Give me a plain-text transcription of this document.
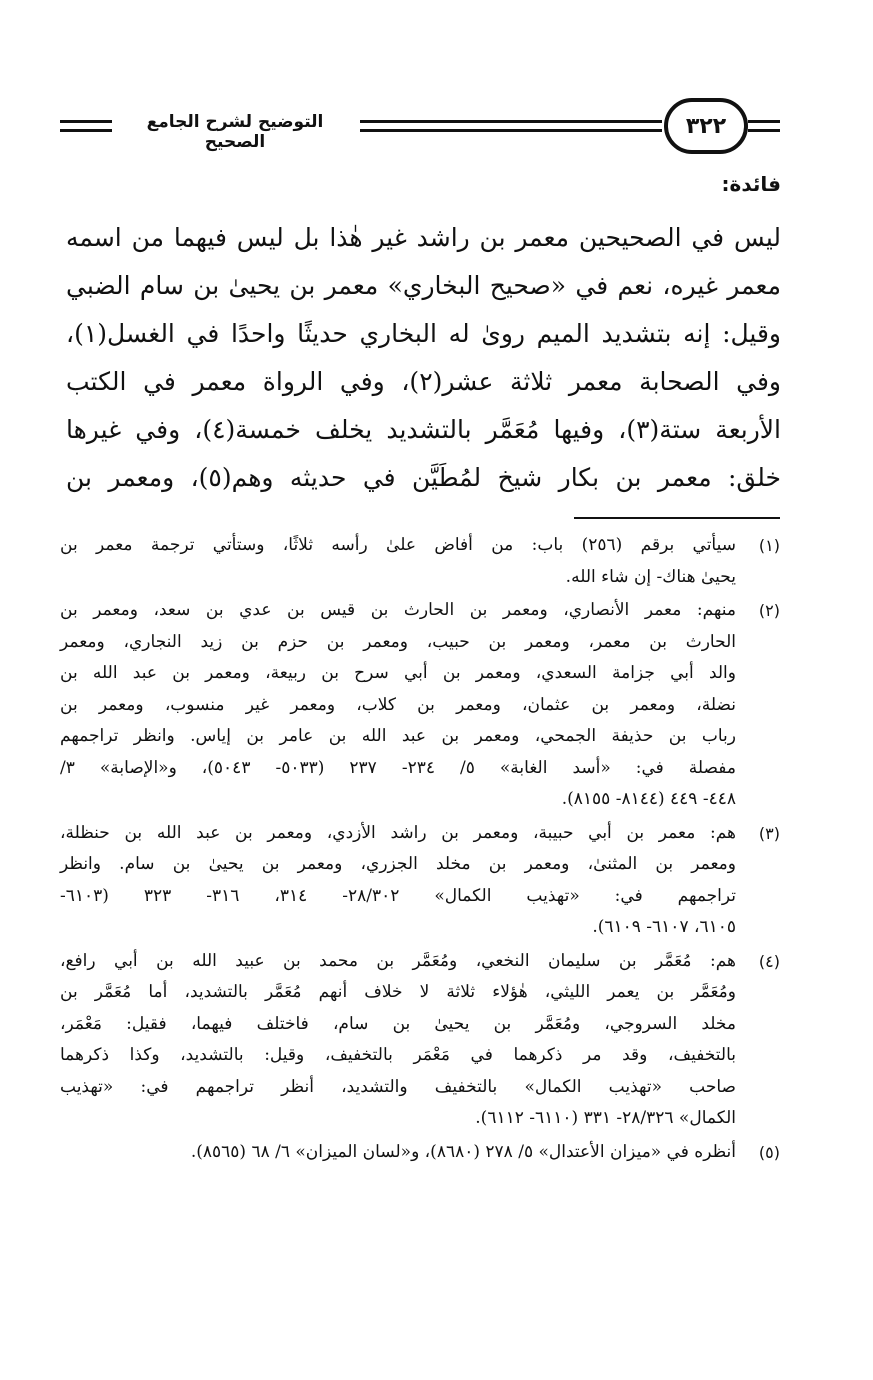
التوضيح لشرح الجامع الصحيح
٣٢٢
فائدة:
ليس في الصحيحين معمر بن راشد غير هٰذا بل ليس فيهما من اسمه
معمر غيره، نعم في «صحيح البخاري» معمر بن يحيىٰ بن سام الضبي
وقيل: إنه بتشديد الميم روىٰ له البخاري حديثًا واحدًا في الغسل(١)،
وفي الصحابة معمر ثلاثة عشر(٢)، وفي الرواة معمر في الكتب
الأربعة ستة(٣)، وفيها مُعَمَّر بالتشديد يخلف خمسة(٤)، وفي غيرها
خلق: معمر بن بكار شيخ لمُطَيَّن في حديثه وهم(٥)، ومعمر بن
(١)
سيأتي برقم (٢٥٦) باب: من أفاض علىٰ رأسه ثلاثًا، وستأتي ترجمة معمر بن
يحيىٰ هناك- إن شاء الله.
(٢)
منهم: معمر الأنصاري، ومعمر بن الحارث بن قيس بن عدي بن سعد، ومعمر بن
الحارث بن معمر، ومعمر بن حبيب، ومعمر بن حزم بن زيد النجاري، ومعمر
والد أبي جزامة السعدي، ومعمر بن أبي سرح بن ربيعة، ومعمر بن عبد الله بن
نضلة، ومعمر بن عثمان، ومعمر بن كلاب، ومعمر غير منسوب، ومعمر بن
رباب بن حذيفة الجمحي، ومعمر بن عبد الله بن عامر بن إياس. وانظر تراجمهم
مفصلة في: «أسد الغابة» ٥/ ٢٣٤- ٢٣٧ (٥٠٣٣- ٥٠٤٣)، و«الإصابة» ٣/
٤٤٨- ٤٤٩ (٨١٤٤- ٨١٥٥).
(٣)
هم: معمر بن أبي حبيبة، ومعمر بن راشد الأزدي، ومعمر بن عبد الله بن حنظلة،
ومعمر بن المثنىٰ، ومعمر بن مخلد الجزري، ومعمر بن يحيىٰ بن سام. وانظر
تراجمهم في: «تهذيب الكمال» ٢٨/٣٠٢- ٣١٤، ٣١٦- ٣٢٣ (٦١٠٣-
٦١٠٥، ٦١٠٧- ٦١٠٩).
(٤)
هم: مُعَمَّر بن سليمان النخعي، ومُعَمَّر بن محمد بن عبيد الله بن أبي رافع،
ومُعَمَّر بن يعمر الليثي، هٰؤلاء ثلاثة لا خلاف أنهم مُعَمَّر بالتشديد، أما مُعَمَّر بن
مخلد السروجي، ومُعَمَّر بن يحيىٰ بن سام، فاختلف فيهما، فقيل: مَعْمَر،
بالتخفيف، وقد مر ذكرهما في مَعْمَر بالتخفيف، وقيل: بالتشديد، وكذا ذكرهما
صاحب «تهذيب الكمال» بالتخفيف والتشديد، أنظر تراجمهم في: «تهذيب
الكمال» ٢٨/٣٢٦- ٣٣١ (٦١١٠- ٦١١٢).
(٥)
أنظره في «ميزان الأعتدال» ٥/ ٢٧٨ (٨٦٨٠)، و«لسان الميزان» ٦/ ٦٨ (٨٥٦٥).
